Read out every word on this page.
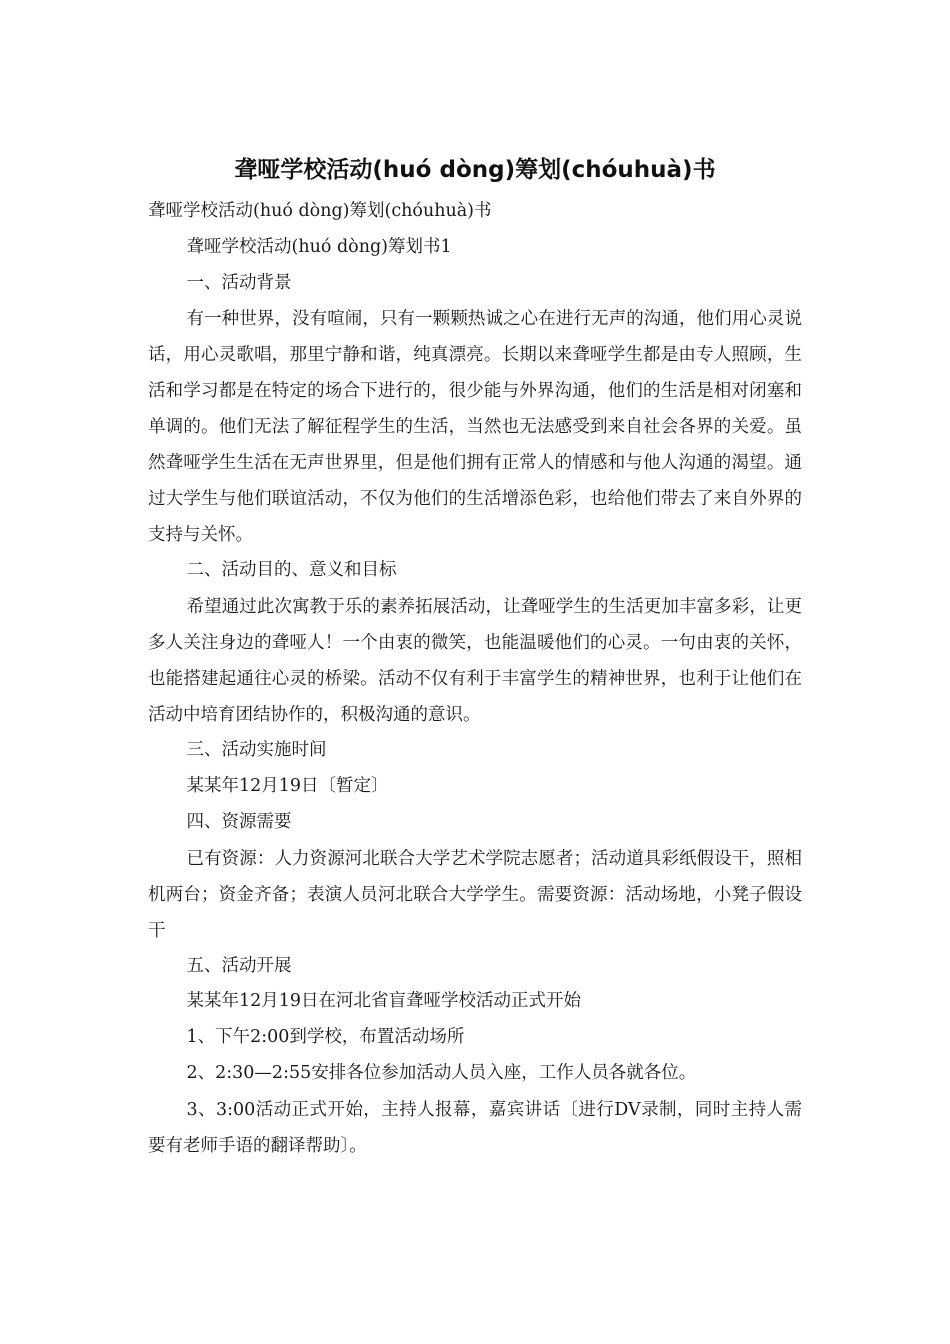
聋哑学校活动(huó dòng)筹划(chóuhuà)书

聋哑学校活动(huó dòng)筹划(chóuhuà)书

聋哑学校活动(huó dòng)筹划书1

一、活动背景

有一种世界，没有喧闹，只有一颗颗热诚之心在进行无声的沟通，他们用心灵说话，用心灵歌唱，那里宁静和谐，纯真漂亮。长期以来聋哑学生都是由专人照顾，生活和学习都是在特定的场合下进行的，很少能与外界沟通，他们的生活是相对闭塞和单调的。他们无法了解征程学生的生活，当然也无法感受到来自社会各界的关爱。虽然聋哑学生生活在无声世界里，但是他们拥有正常人的情感和与他人沟通的渴望。通过大学生与他们联谊活动，不仅为他们的生活增添色彩，也给他们带去了来自外界的支持与关怀。

二、活动目的、意义和目标

希望通过此次寓教于乐的素养拓展活动，让聋哑学生的生活更加丰富多彩，让更多人关注身边的聋哑人！一个由衷的微笑，也能温暖他们的心灵。一句由衷的关怀，也能搭建起通往心灵的桥梁。活动不仅有利于丰富学生的精神世界，也利于让他们在活动中培育团结协作的，积极沟通的意识。

三、活动实施时间

某某年12月19日〔暂定〕

四、资源需要

已有资源：人力资源河北联合大学艺术学院志愿者；活动道具彩纸假设干，照相机两台；资金齐备；表演人员河北联合大学学生。需要资源：活动场地，小凳子假设干

五、活动开展

某某年12月19日在河北省盲聋哑学校活动正式开始

1、下午2:00到学校，布置活动场所

2、2:30—2:55安排各位参加活动人员入座，工作人员各就各位。

3、3:00活动正式开始，主持人报幕，嘉宾讲话〔进行DV录制，同时主持人需要有老师手语的翻译帮助〕。
